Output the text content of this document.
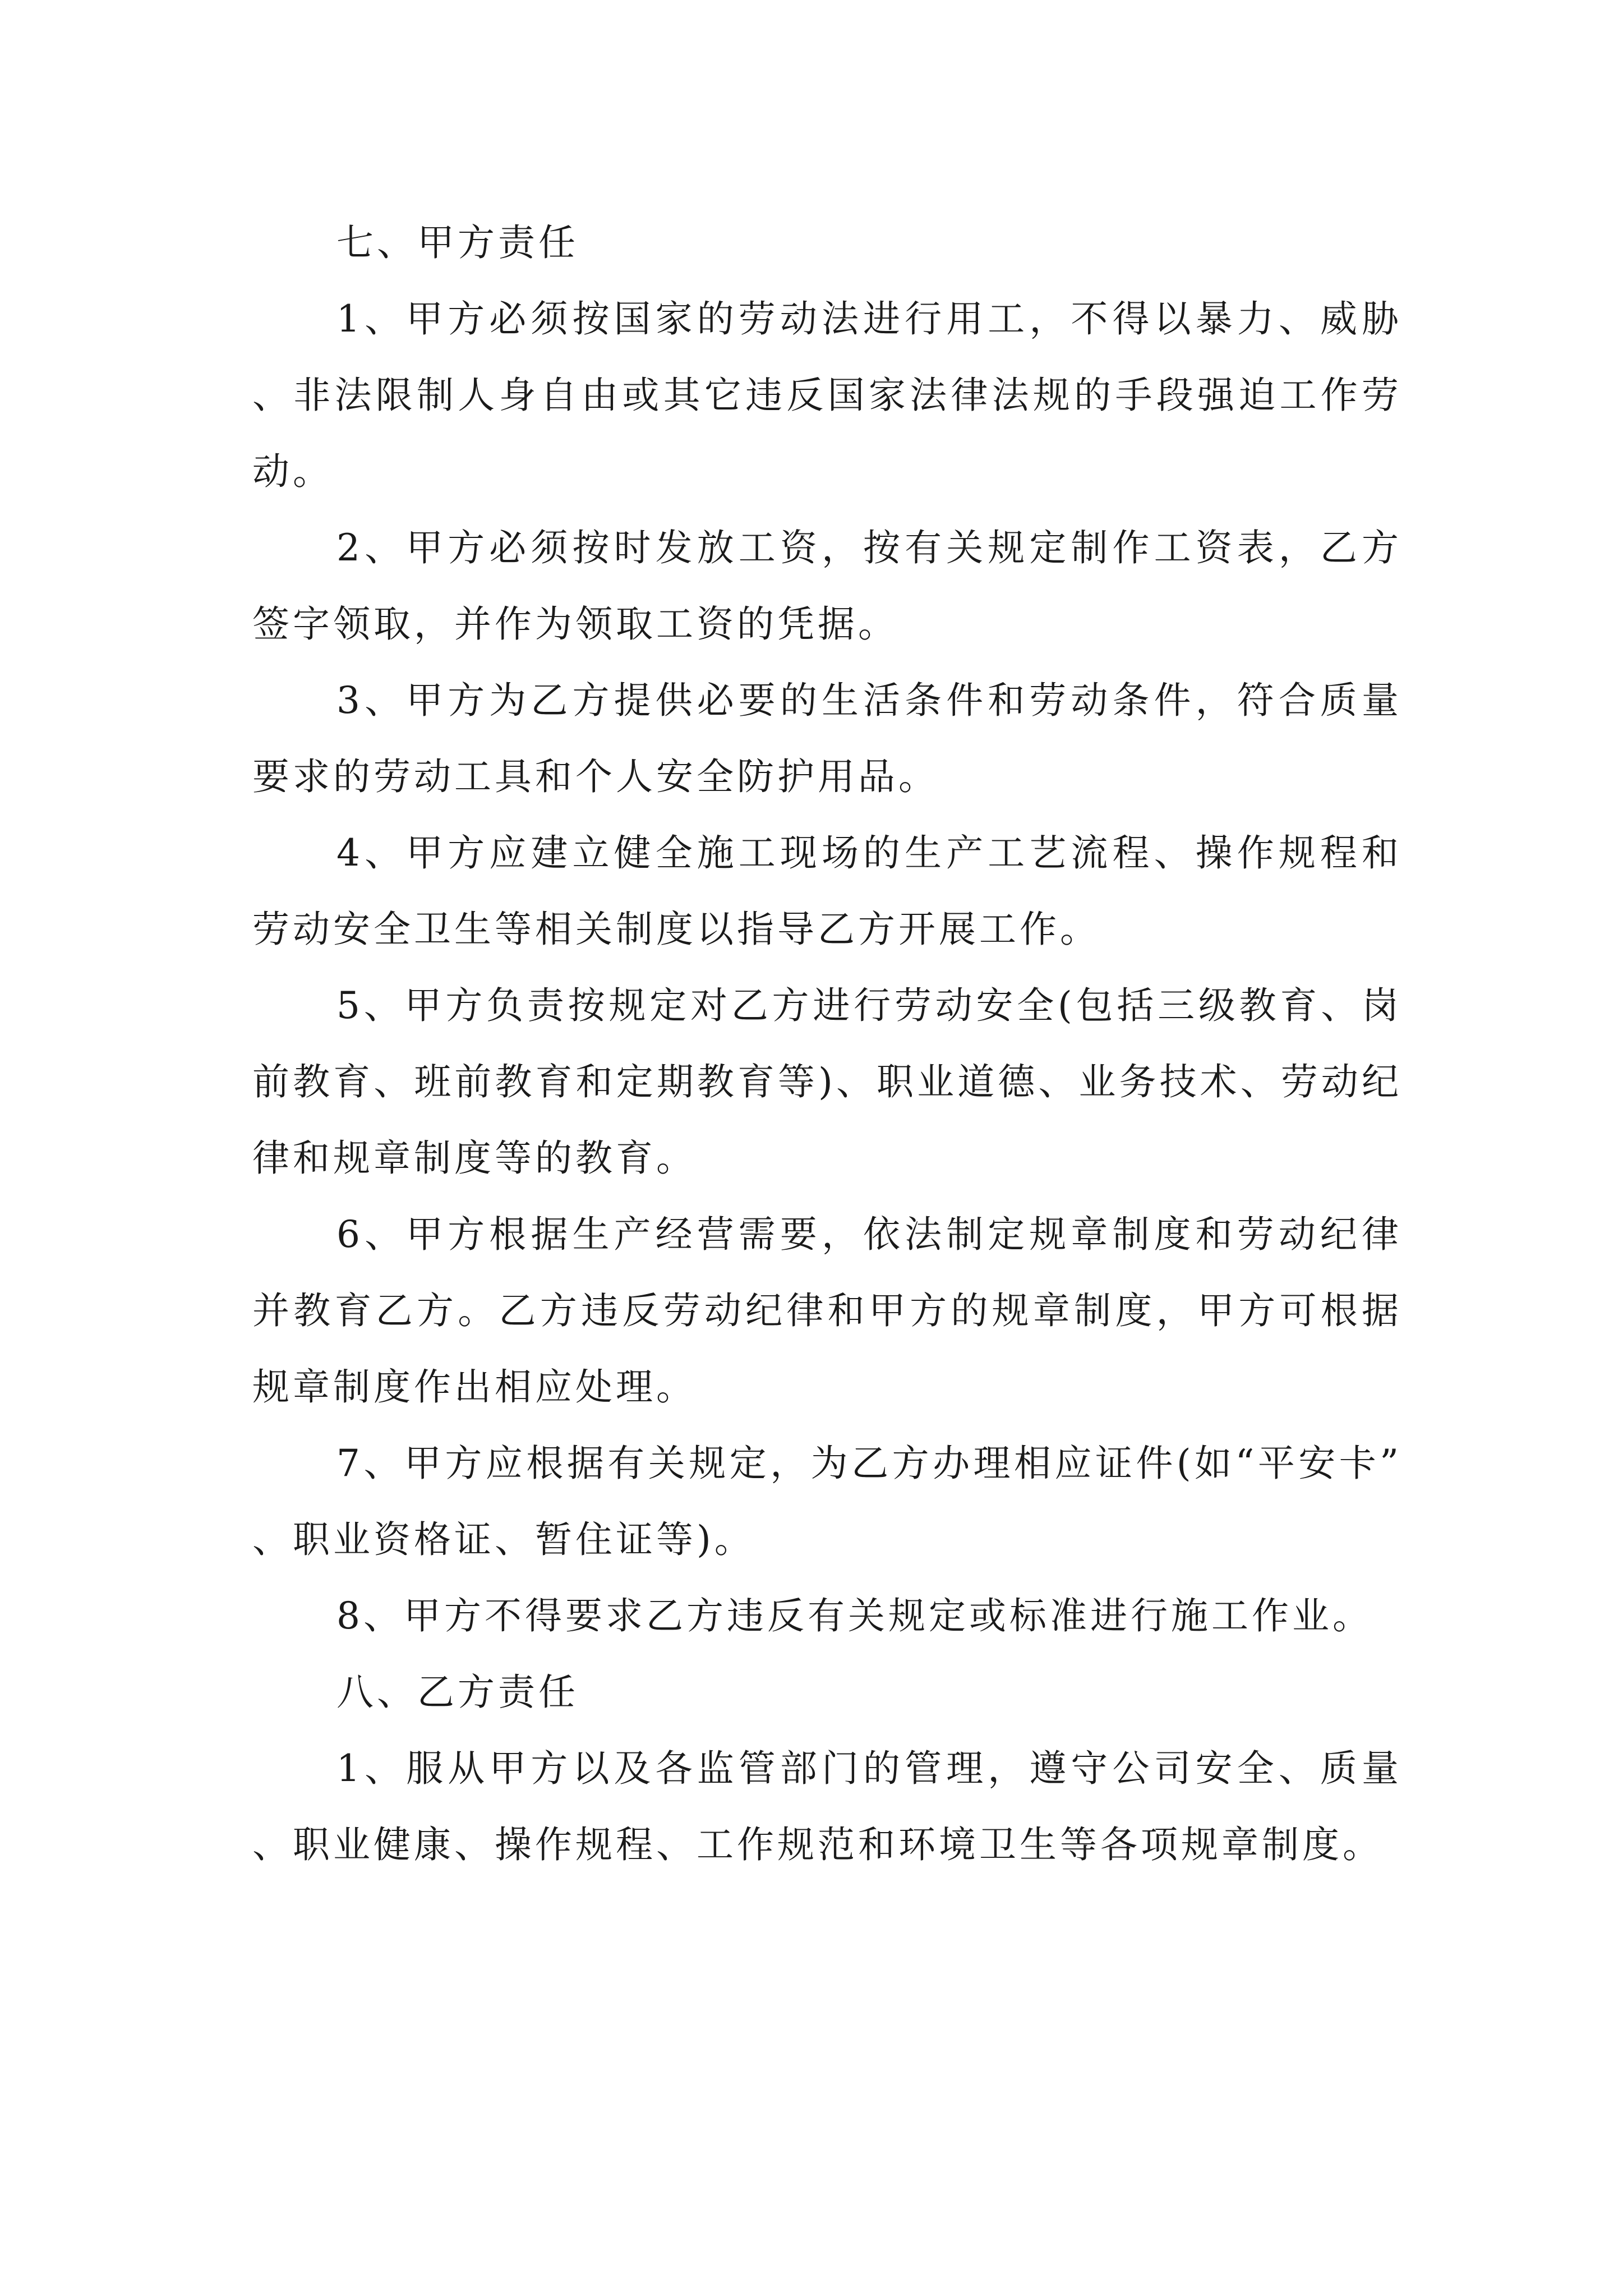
七、甲方责任

1、甲方必须按国家的劳动法进行用工，不得以暴力、威胁、非法限制人身自由或其它违反国家法律法规的手段强迫工作劳动。

2、甲方必须按时发放工资，按有关规定制作工资表，乙方签字领取，并作为领取工资的凭据。

3、甲方为乙方提供必要的生活条件和劳动条件，符合质量要求的劳动工具和个人安全防护用品。

4、甲方应建立健全施工现场的生产工艺流程、操作规程和劳动安全卫生等相关制度以指导乙方开展工作。

5、甲方负责按规定对乙方进行劳动安全(包括三级教育、岗前教育、班前教育和定期教育等)、职业道德、业务技术、劳动纪律和规章制度等的教育。

6、甲方根据生产经营需要，依法制定规章制度和劳动纪律并教育乙方。乙方违反劳动纪律和甲方的规章制度，甲方可根据规章制度作出相应处理。

7、甲方应根据有关规定，为乙方办理相应证件(如“平安卡”、职业资格证、暂住证等)。

8、甲方不得要求乙方违反有关规定或标准进行施工作业。

八、乙方责任

1、服从甲方以及各监管部门的管理，遵守公司安全、质量、职业健康、操作规程、工作规范和环境卫生等各项规章制度。
